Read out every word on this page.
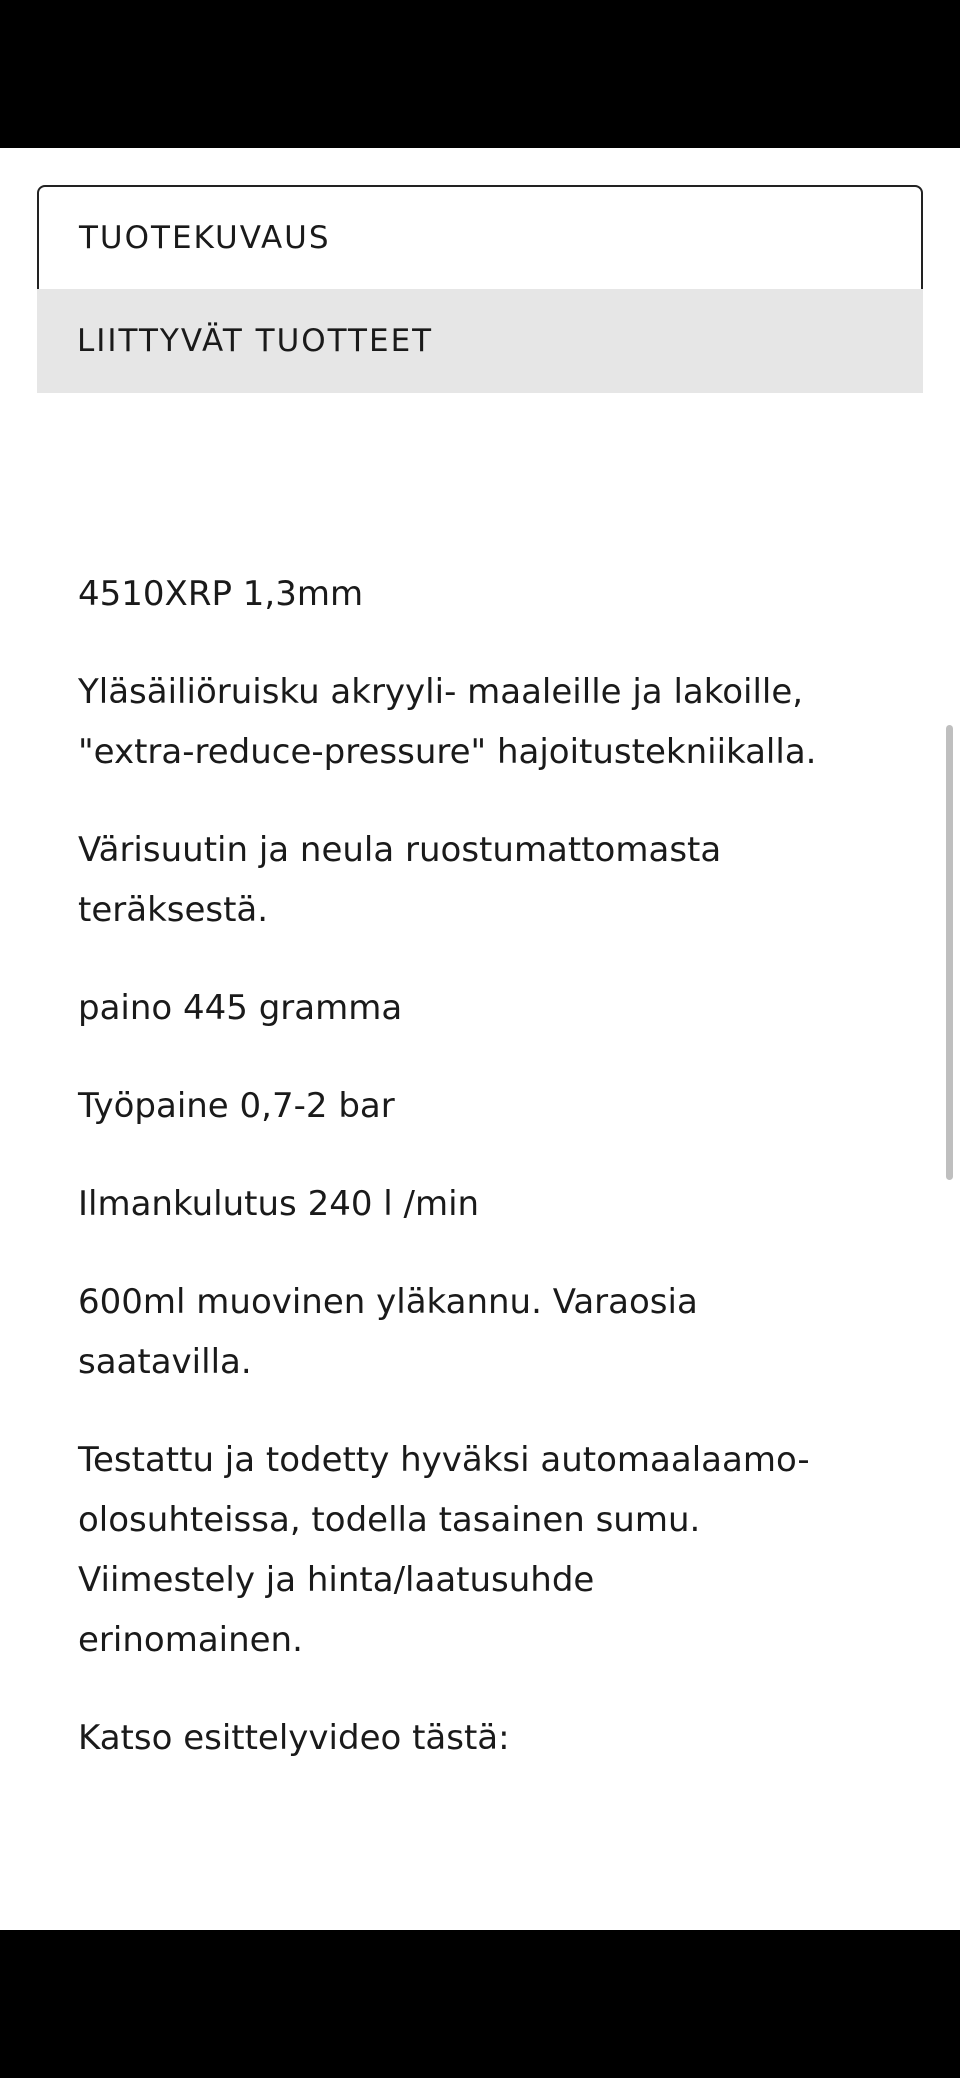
TUOTEKUVAUS
LIITTYVÄT TUOTTEET

4510XRP 1,3mm

Yläsäiliöruisku akryyli- maaleille ja lakoille,
"extra-reduce-pressure" hajoitustekniikalla.

Värisuutin ja neula ruostumattomasta
teräksestä.

paino 445 gramma

Työpaine 0,7-2 bar

Ilmankulutus 240 l /min

600ml muovinen yläkannu. Varaosia
saatavilla.

Testattu ja todetty hyväksi automaalaamo-
olosuhteissa, todella tasainen sumu.
Viimestely ja hinta/laatusuhde
erinomainen.

Katso esittelyvideo tästä:
